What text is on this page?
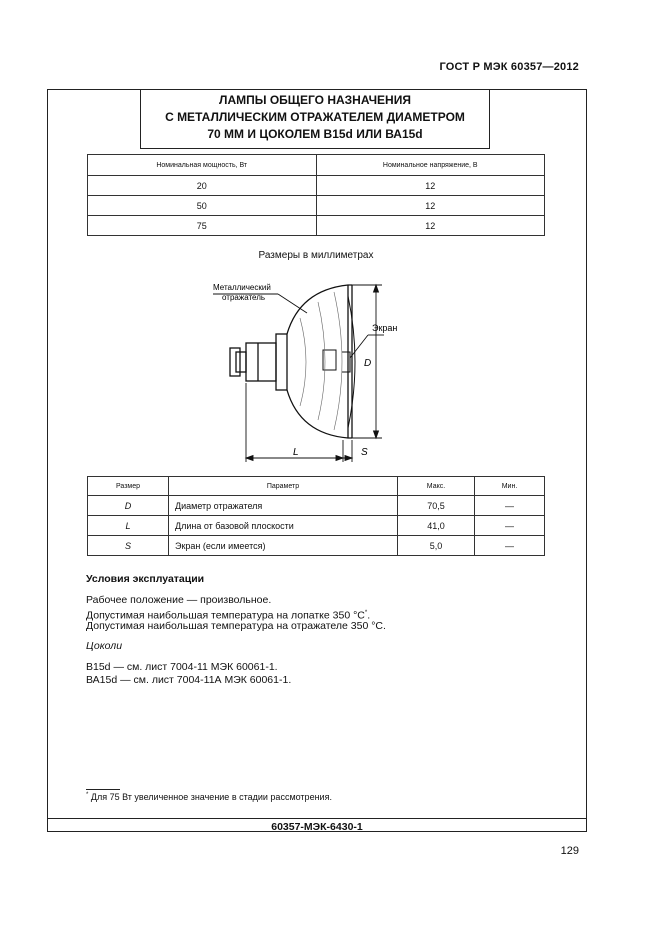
ГОСТ Р МЭК 60357—2012
ЛАМПЫ ОБЩЕГО НАЗНАЧЕНИЯ
С МЕТАЛЛИЧЕСКИМ ОТРАЖАТЕЛЕМ ДИАМЕТРОМ
70 ММ И ЦОКОЛЕМ В15d ИЛИ ВА15d
Номинальная мощность, Вт	Номинальное напряжение, В
20	12
50	12
75	12
Размеры в миллиметрах
Металлический
отражатель
Экран
D
L	S
Размер	Параметр	Макс.	Мин.
D	Диаметр отражателя	70,5	—
L	Длина от базовой плоскости	41,0	—
S	Экран (если имеется)	5,0	—
Условия эксплуатации
Рабочее положение — произвольное.
Допустимая наибольшая температура на лопатке 350 °С*.
Допустимая наибольшая температура на отражателе 350 °С.
Цоколи
В15d — см. лист 7004-11 МЭК 60061-1.
ВА15d — см. лист 7004-11А МЭК 60061-1.
* Для 75 Вт увеличенное значение в стадии рассмотрения.
60357-МЭК-6430-1
129
